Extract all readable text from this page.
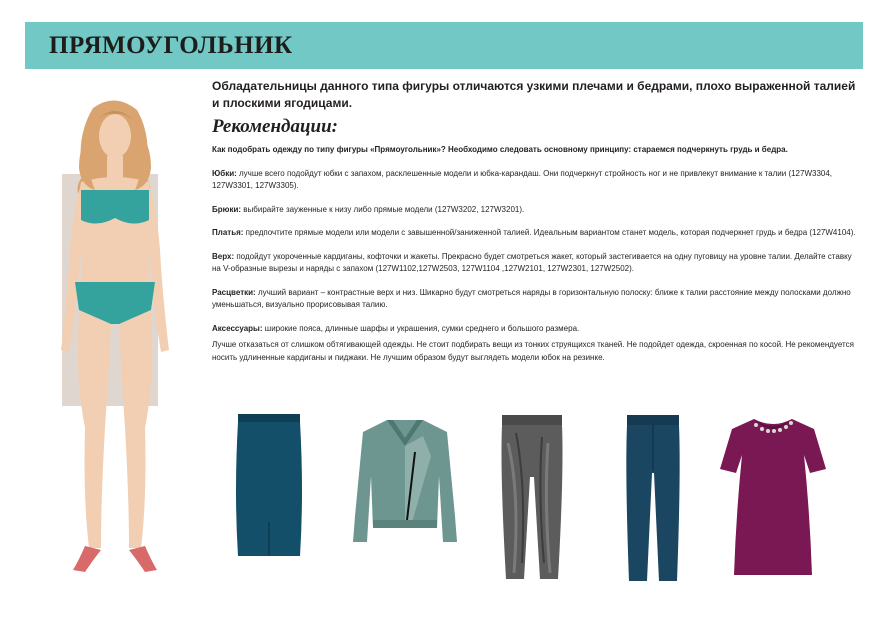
ПРЯМОУГОЛЬНИК

Обладательницы данного типа фигуры отличаются узкими плечами и бедрами, плохо выраженной талией и плоскими ягодицами.

Рекомендации:

Как подобрать одежду по типу фигуры «Прямоугольник»? Необходимо следовать основному принципу: стараемся подчеркнуть грудь и бедра.

Юбки: лучше всего подойдут юбки с запахом, расклешенные модели и юбка-карандаш. Они подчеркнут стройность ног и не привлекут внимание к талии (127W3304, 127W3301, 127W3305).

Брюки: выбирайте зауженные к низу либо прямые модели (127W3202, 127W3201).

Платья: предпочтите прямые модели или модели с завышенной/заниженной талией. Идеальным вариантом станет модель, которая подчеркнет грудь и бедра (127W4104).

Верх: подойдут укороченные кардиганы, кофточки и жакеты. Прекрасно будет смотреться жакет, который застегивается на одну пуговицу на уровне талии. Делайте ставку на V-образные вырезы и наряды с запахом (127W1102,127W2503, 127W1104 ,127W2101, 127W2301, 127W2502).

Расцветки: лучший вариант – контрастные верх и низ. Шикарно будут смотреться наряды в горизонтальную полоску: ближе к талии расстояние между полосками должно уменьшаться, визуально прорисовывая талию.

Аксессуары: широкие пояса, длинные шарфы и украшения, сумки среднего и большого размера.

Лучше отказаться от слишком обтягивающей одежды. Не стоит подбирать вещи из тонких струящихся тканей. Не подойдет одежда, скроенная по косой. Не рекомендуется носить удлиненные кардиганы и пиджаки. Не лучшим образом будут выглядеть модели юбок на резинке.
